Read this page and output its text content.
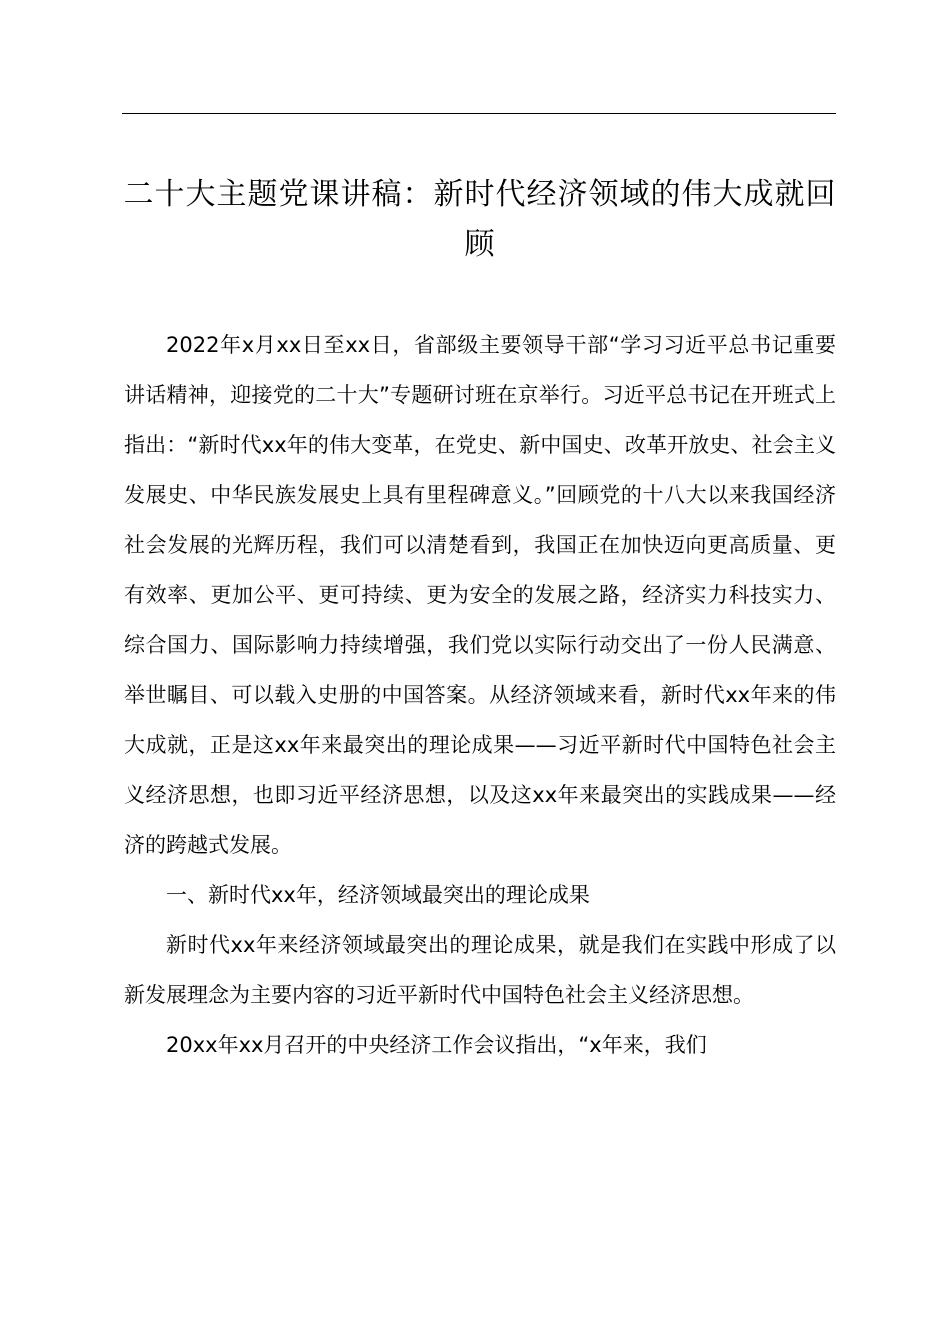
二十大主题党课讲稿：新时代经济领域的伟大成就回顾

2022年x月xx日至xx日，省部级主要领导干部“学习习近平总书记重要讲话精神，迎接党的二十大”专题研讨班在京举行。习近平总书记在开班式上指出：“新时代xx年的伟大变革，在党史、新中国史、改革开放史、社会主义发展史、中华民族发展史上具有里程碑意义。”回顾党的十八大以来我国经济社会发展的光辉历程，我们可以清楚看到，我国正在加快迈向更高质量、更有效率、更加公平、更可持续、更为安全的发展之路，经济实力科技实力、综合国力、国际影响力持续增强，我们党以实际行动交出了一份人民满意、举世瞩目、可以载入史册的中国答案。从经济领域来看，新时代xx年来的伟大成就，正是这xx年来最突出的理论成果——习近平新时代中国特色社会主义经济思想，也即习近平经济思想，以及这xx年来最突出的实践成果——经济的跨越式发展。

一、新时代xx年，经济领域最突出的理论成果

新时代xx年来经济领域最突出的理论成果，就是我们在实践中形成了以新发展理念为主要内容的习近平新时代中国特色社会主义经济思想。

20xx年xx月召开的中央经济工作会议指出，“x年来，我们
